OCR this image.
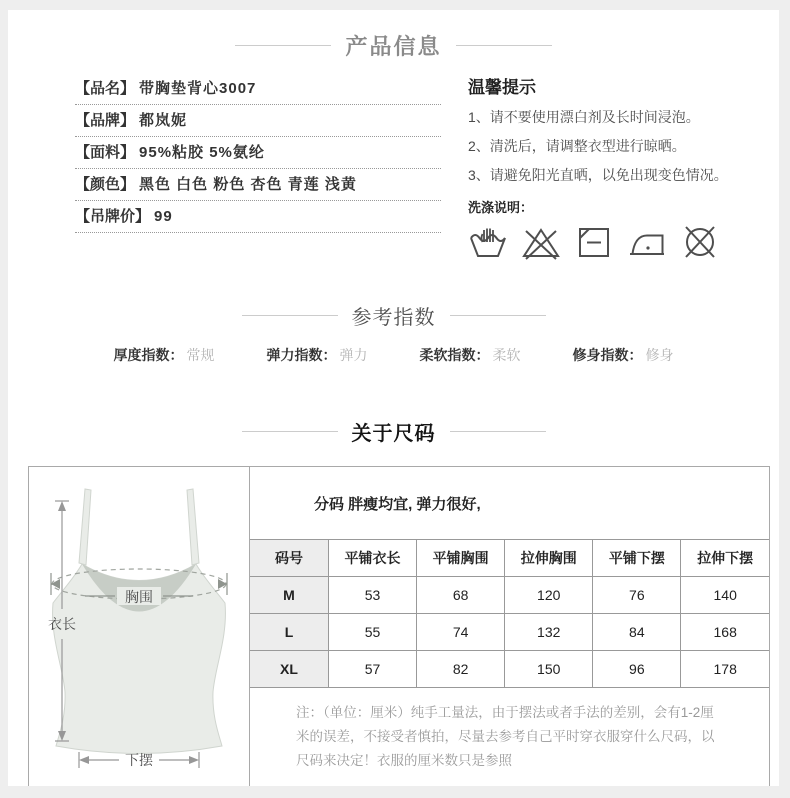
产品信息
【品名】 带胸垫背心3007
【品牌】 都岚妮
【面料】 95%粘胶 5%氨纶
【颜色】 黑色 白色 粉色 杏色 青莲 浅黄
【吊牌价】 99
温馨提示
1、请不要使用漂白剂及长时间浸泡。
2、清洗后，请调整衣型进行晾晒。
3、请避免阳光直晒，以免出现变色情况。
洗涤说明：
参考指数
厚度指数： 常规	弹力指数： 弹力	柔软指数： 柔软	修身指数： 修身
关于尺码
胸围
衣长
下摆
分码 胖瘦均宜, 弹力很好,
码号	平铺衣长	平铺胸围	拉伸胸围	平铺下摆	拉伸下摆
M	53	68	120	76	140
L	55	74	132	84	168
XL	57	82	150	96	178
注：（单位：厘米）纯手工量法，由于摆法或者手法的差别，会有1-2厘米的误差，不接受者慎拍，尽量去参考自己平时穿衣服穿什么尺码，以尺码来决定！衣服的厘米数只是参照
